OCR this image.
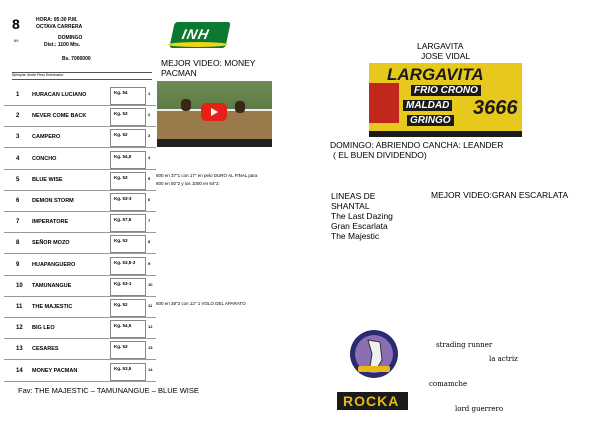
8
69
HORA: 05:30 P.M.
OCTAVA CARRERA
DOMINGO
Dist.: 1100 Mts.
Bs. 7000000
Ejemplar Jinete Peso Entrenador
1 HURACAN LUCIANO	Kg. 54	1
2 NEVER COME BACK	Kg. 53	2
3 CAMPERO	Kg. 52	3
4 CONCHO	Kg. 54,5	4
5 BLUE WISE	Kg. 53	5
6 DEMON STORM	Kg. 53-3	6
7 IMPERATORE	Kg. 57,5	7
8 SEÑOR MOZO	Kg. 53	8
9 HUAPANGUERO	Kg. 53,5-3	9
10 TAMUNANGUE	Kg. 53-1	10
11 THE MAJESTIC	Kg. 52	11
12 BIG LEO	Kg. 54,5	12
13 CESARES	Kg. 53	13
14 MONEY PACMAN	Kg. 53,5	14
INH
MEJOR VIDEO: MONEY
PACMAN
600 en 37"1 con 17" en pelo DURO AL FINAL para
800 en 50"2 y los 1000 en 64"2.
600 en 38"2 con 12" 1 VOLO DEL APARATO
LARGAVITA
JOSE VIDAL
LARGAVITA
FRIO CRONO
MALDAD
GRINGO
3666
DOMINGO: ABRIENDO CANCHA: LEANDER
( EL BUEN DIVIDENDO)
LINEAS DE
SHANTAL
The Last Dazing
Gran Escarlata
The Majestic
MEJOR VIDEO:GRAN ESCARLATA
Fav: THE MAJESTIC – TAMUNANGUE – BLUE WISE
ROCKA
strading runner
la actriz
comamche
lord guerrero
